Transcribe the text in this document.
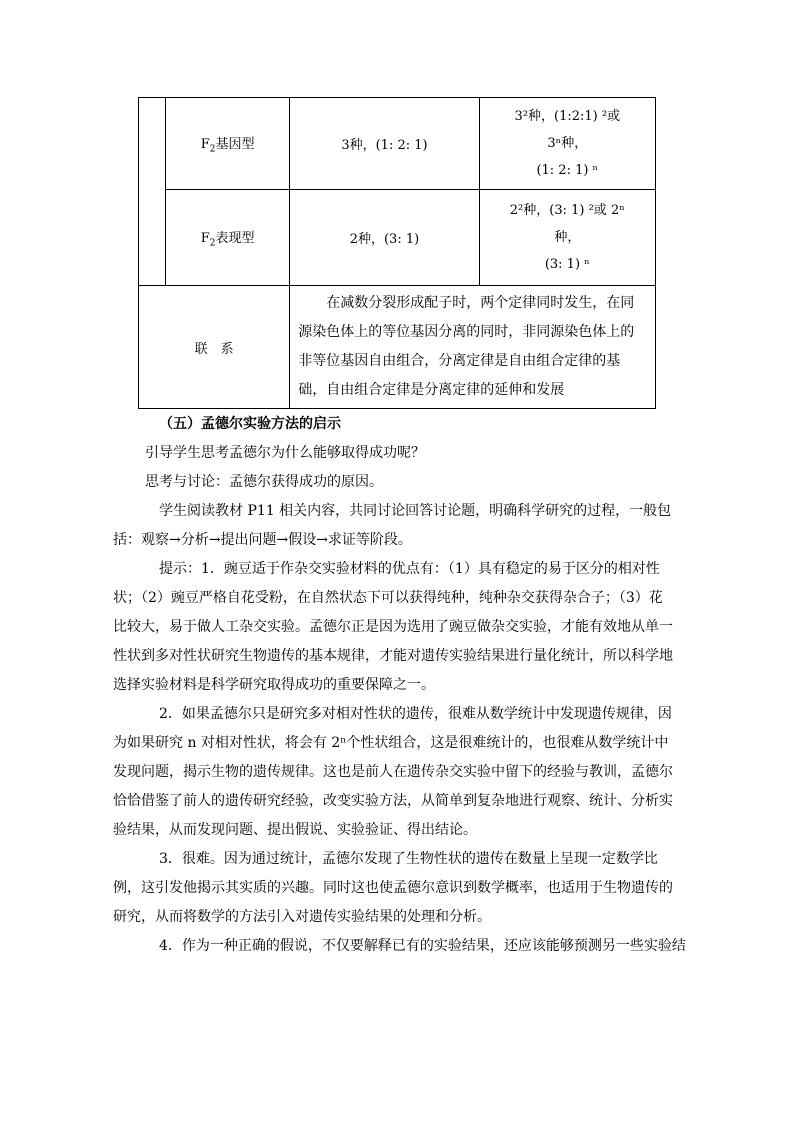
	$F_2$基因型	3种，(1: 2: 1)	3²种，(1:2:1) ²或
3ⁿ种，
(1: 2: 1) ⁿ

	$F_2$表现型	2种，(3: 1)	2²种，(3: 1) ²或 2ⁿ
种，
(3: 1) ⁿ

联　系		在减数分裂形成配子时，两个定律同时发生，在同源染色体上的等位基因分离的同时，非同源染色体上的非等位基因自由组合，分离定律是自由组合定律的基础，自由组合定律是分离定律的延伸和发展	

（五）孟德尔实验方法的启示

引导学生思考孟德尔为什么能够取得成功呢？

思考与讨论：孟德尔获得成功的原因。

学生阅读教材 P11 相关内容，共同讨论回答讨论题，明确科学研究的过程，一般包括：观察→分析→提出问题→假设→求证等阶段。

提示：1．豌豆适于作杂交实验材料的优点有：（1）具有稳定的易于区分的相对性状；（2）豌豆严格自花受粉，在自然状态下可以获得纯种，纯种杂交获得杂合子；（3）花比较大，易于做人工杂交实验。孟德尔正是因为选用了豌豆做杂交实验，才能有效地从单一性状到多对性状研究生物遗传的基本规律，才能对遗传实验结果进行量化统计，所以科学地选择实验材料是科学研究取得成功的重要保障之一。

2．如果孟德尔只是研究多对相对性状的遗传，很难从数学统计中发现遗传规律，因为如果研究 n 对相对性状，将会有 2ⁿ个性状组合，这是很难统计的，也很难从数学统计中发现问题，揭示生物的遗传规律。这也是前人在遗传杂交实验中留下的经验与教训，孟德尔恰恰借鉴了前人的遗传研究经验，改变实验方法，从简单到复杂地进行观察、统计、分析实验结果，从而发现问题、提出假说、实验验证、得出结论。

3．很难。因为通过统计，孟德尔发现了生物性状的遗传在数量上呈现一定数学比例，这引发他揭示其实质的兴趣。同时这也使孟德尔意识到数学概率，也适用于生物遗传的研究，从而将数学的方法引入对遗传实验结果的处理和分析。

4．作为一种正确的假说，不仅要解释已有的实验结果，还应该能够预测另一些实验结
